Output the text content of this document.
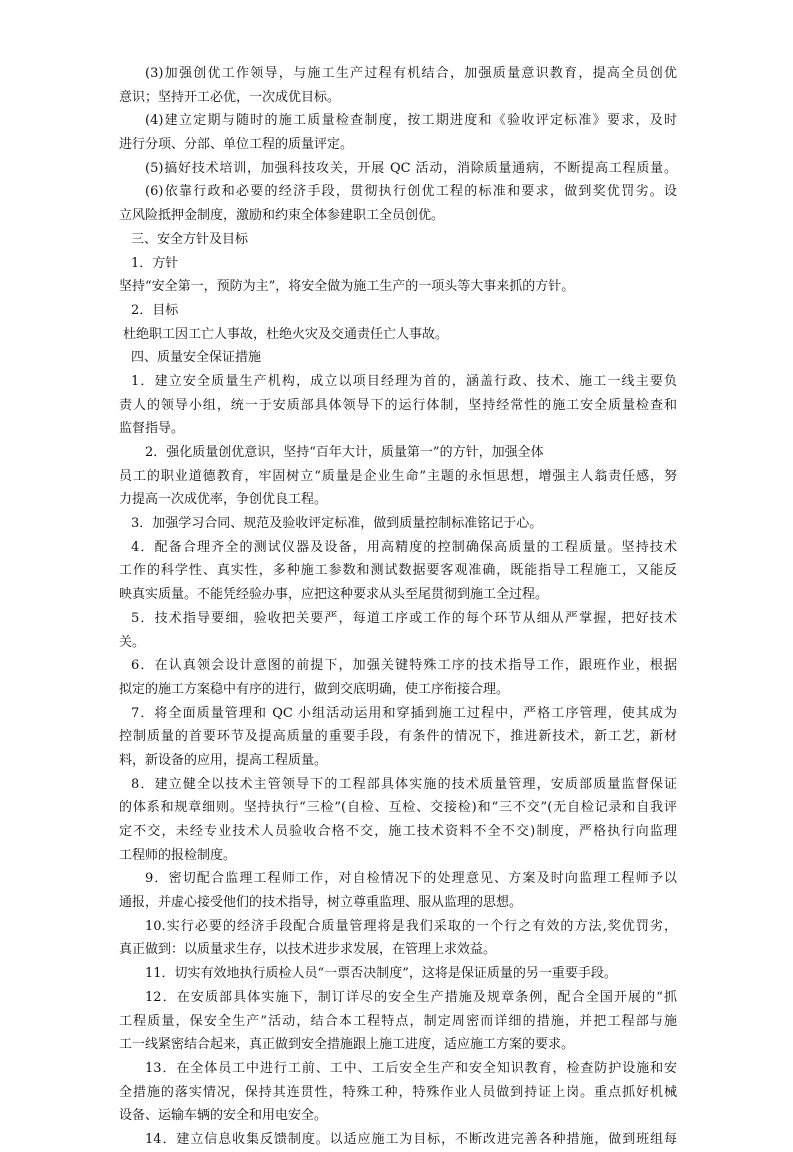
(3)加强创优工作领导，与施工生产过程有机结合，加强质量意识教育，提高全员创优
意识；坚持开工必优，一次成优目标。
(4)建立定期与随时的施工质量检查制度，按工期进度和《验收评定标准》要求，及时
进行分项、分部、单位工程的质量评定。
(5)搞好技术培训，加强科技攻关，开展 QC 活动，消除质量通病，不断提高工程质量。
(6)依靠行政和必要的经济手段，贯彻执行创优工程的标准和要求，做到奖优罚劣。设
立风险抵押金制度，激励和约束全体参建职工全员创优。
三、安全方针及目标
1．方针
坚持“安全第一，预防为主”，将安全做为施工生产的一项头等大事来抓的方针。
2．目标
杜绝职工因工亡人事故，杜绝火灾及交通责任亡人事故。
四、质量安全保证措施
1．建立安全质量生产机构，成立以项目经理为首的，涵盖行政、技术、施工一线主要负
责人的领导小组，统一于安质部具体领导下的运行体制，坚持经常性的施工安全质量检查和
监督指导。
2．强化质量创优意识，坚持“百年大计，质量第一”的方针，加强全体
员工的职业道德教育，牢固树立“质量是企业生命”主题的永恒思想，增强主人翁责任感，努
力提高一次成优率，争创优良工程。
3．加强学习合同、规范及验收评定标准，做到质量控制标准铭记于心。
4．配备合理齐全的测试仪器及设备，用高精度的控制确保高质量的工程质量。坚持技术
工作的科学性、真实性，多种施工参数和测试数据要客观准确，既能指导工程施工，又能反
映真实质量。不能凭经验办事，应把这种要求从头至尾贯彻到施工全过程。
5．技术指导要细，验收把关要严，每道工序或工作的每个环节从细从严掌握，把好技术
关。
6．在认真领会设计意图的前提下，加强关键特殊工序的技术指导工作，跟班作业，根据
拟定的施工方案稳中有序的进行，做到交底明确，使工序衔接合理。
7．将全面质量管理和 QC 小组活动运用和穿插到施工过程中，严格工序管理，使其成为
控制质量的首要环节及提高质量的重要手段，有条件的情况下，推进新技术，新工艺，新材
料，新设备的应用，提高工程质量。
8．建立健全以技术主管领导下的工程部具体实施的技术质量管理，安质部质量监督保证
的体系和规章细则。坚持执行“三检”(自检、互检、交接检)和“三不交”(无自检记录和自我评
定不交，未经专业技术人员验收合格不交，施工技术资料不全不交)制度，严格执行向监理
工程师的报检制度。
9．密切配合监理工程师工作，对自检情况下的处理意见、方案及时向监理工程师予以
通报，并虚心接受他们的技术指导，树立尊重监理、服从监理的思想。
10.实行必要的经济手段配合质量管理将是我们采取的一个行之有效的方法,奖优罚劣，
真正做到：以质量求生存，以技术进步求发展，在管理上求效益。
11．切实有效地执行质检人员“一票否决制度”，这将是保证质量的另一重要手段。
12．在安质部具体实施下，制订详尽的安全生产措施及规章条例，配合全国开展的“抓
工程质量，保安全生产”活动，结合本工程特点，制定周密而详细的措施，并把工程部与施
工一线紧密结合起来，真正做到安全措施跟上施工进度，适应施工方案的要求。
13．在全体员工中进行工前、工中、工后安全生产和安全知识教育，检查防护设施和安
全措施的落实情况，保持其连贯性，特殊工种，特殊作业人员做到持证上岗。重点抓好机械
设备、运输车辆的安全和用电安全。
14．建立信息收集反馈制度。以适应施工为目标，不断改进完善各种措施，做到班组每
